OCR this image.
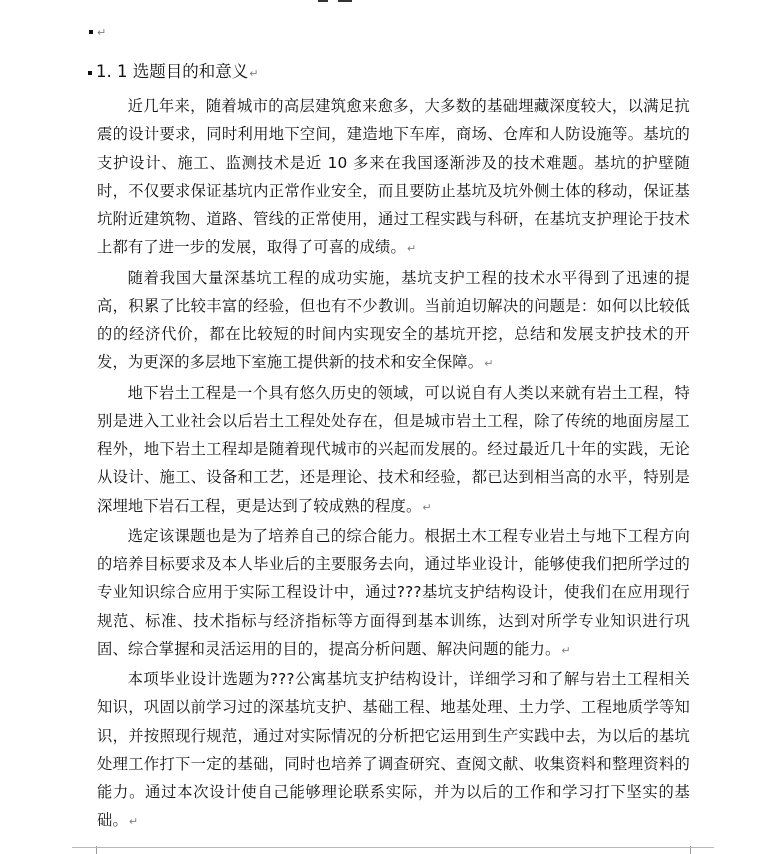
↵
1. 1 选题目的和意义↵

近几年来，随着城市的高层建筑愈来愈多，大多数的基础埋藏深度较大，以满足抗震的设计要求，同时利用地下空间，建造地下车库，商场、仓库和人防设施等。基坑的支护设计、施工、监测技术是近 10 多来在我国逐渐涉及的技术难题。基坑的护壁随时，不仅要求保证基坑内正常作业安全，而且要防止基坑及坑外侧土体的移动，保证基坑附近建筑物、道路、管线的正常使用，通过工程实践与科研，在基坑支护理论于技术上都有了进一步的发展，取得了可喜的成绩。↵

随着我国大量深基坑工程的成功实施，基坑支护工程的技术水平得到了迅速的提高，积累了比较丰富的经验，但也有不少教训。当前迫切解决的问题是：如何以比较低的的经济代价，都在比较短的时间内实现安全的基坑开挖，总结和发展支护技术的开发，为更深的多层地下室施工提供新的技术和安全保障。↵

地下岩土工程是一个具有悠久历史的领域，可以说自有人类以来就有岩土工程，特别是进入工业社会以后岩土工程处处存在，但是城市岩土工程，除了传统的地面房屋工程外，地下岩土工程却是随着现代城市的兴起而发展的。经过最近几十年的实践，无论从设计、施工、设备和工艺，还是理论、技术和经验，都已达到相当高的水平，特别是深埋地下岩石工程，更是达到了较成熟的程度。↵

选定该课题也是为了培养自己的综合能力。根据土木工程专业岩土与地下工程方向的培养目标要求及本人毕业后的主要服务去向，通过毕业设计，能够使我们把所学过的专业知识综合应用于实际工程设计中，通过???基坑支护结构设计，使我们在应用现行规范、标准、技术指标与经济指标等方面得到基本训练，达到对所学专业知识进行巩固、综合掌握和灵活运用的目的，提高分析问题、解决问题的能力。↵

本项毕业设计选题为???公寓基坑支护结构设计，详细学习和了解与岩土工程相关知识，巩固以前学习过的深基坑支护、基础工程、地基处理、土力学、工程地质学等知识，并按照现行规范，通过对实际情况的分析把它运用到生产实践中去，为以后的基坑处理工作打下一定的基础，同时也培养了调查研究、查阅文献、收集资料和整理资料的能力。通过本次设计使自己能够理论联系实际，并为以后的工作和学习打下坚实的基础。↵
